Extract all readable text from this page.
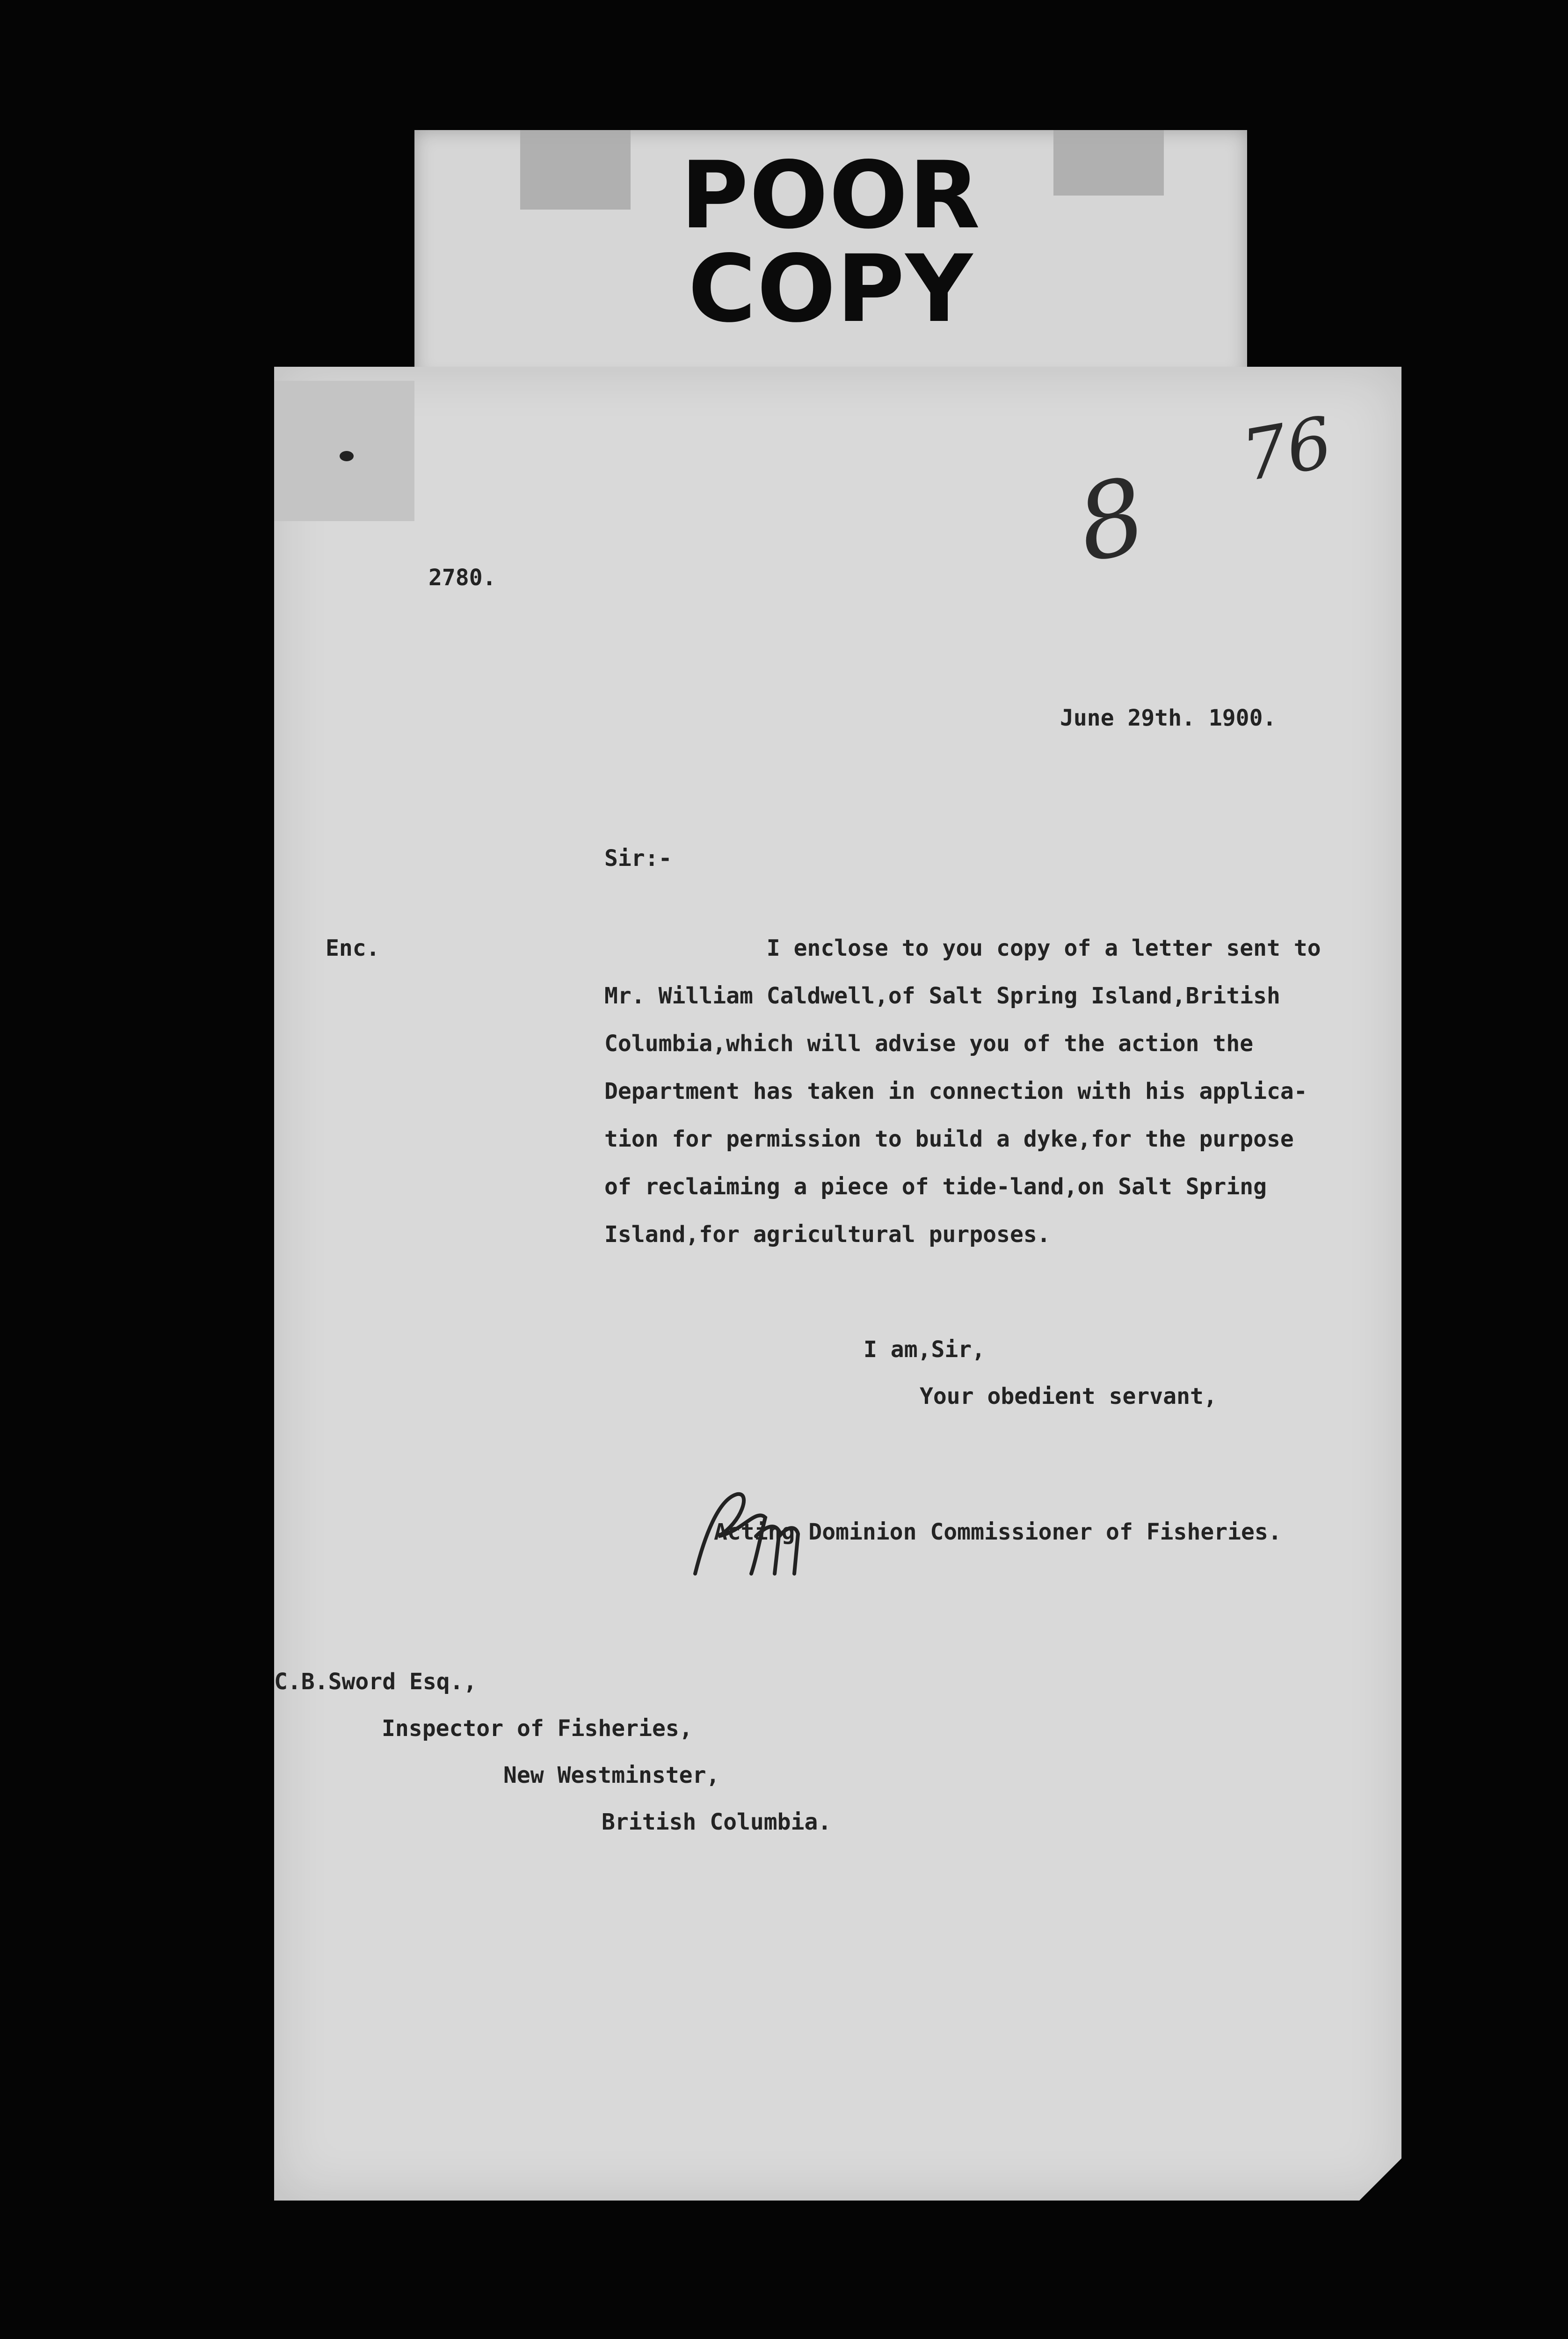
POOR
COPY
76
8
2780.
June 29th. 1900.
Sir:-
Enc.	I enclose to you copy of a letter sent to
Mr. William Caldwell,of Salt Spring Island,British
Columbia,which will advise you of the action the
Department has taken in connection with his applica-
tion for permission to build a dyke,for the purpose
of reclaiming a piece of tide-land,on Salt Spring
Island,for agricultural purposes.
I am,Sir,
Your obedient servant,
Acting Dominion Commissioner of Fisheries.
C.B.Sword Esq.,
Inspector of Fisheries,
New Westminster,
British Columbia.
